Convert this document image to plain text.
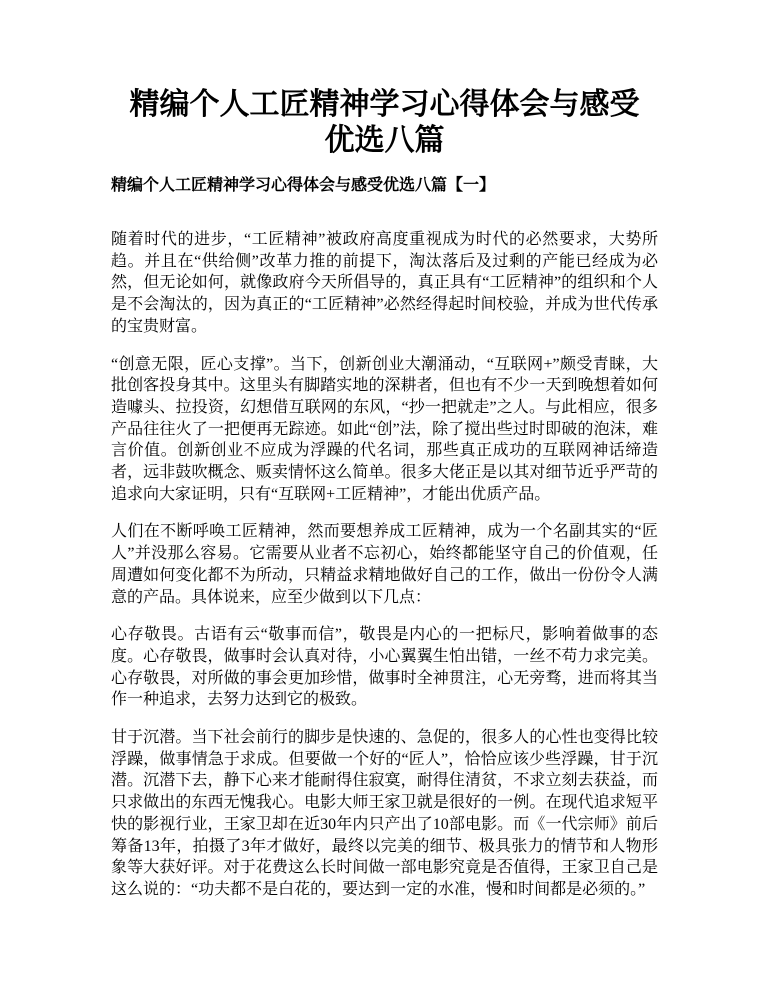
精编个人工匠精神学习心得体会与感受优选八篇
精编个人工匠精神学习心得体会与感受优选八篇【一】

随着时代的进步，“工匠精神”被政府高度重视成为时代的必然要求，大势所趋。并且在“供给侧”改革力推的前提下，淘汰落后及过剩的产能已经成为必然，但无论如何，就像政府今天所倡导的，真正具有“工匠精神”的组织和个人是不会淘汰的，因为真正的“工匠精神”必然经得起时间校验，并成为世代传承的宝贵财富。

“创意无限，匠心支撑”。当下，创新创业大潮涌动，“互联网+”颇受青睐，大批创客投身其中。这里头有脚踏实地的深耕者，但也有不少一天到晚想着如何造噱头、拉投资，幻想借互联网的东风，“抄一把就走”之人。与此相应，很多产品往往火了一把便再无踪迹。如此“创”法，除了搅出些过时即破的泡沫，难言价值。创新创业不应成为浮躁的代名词，那些真正成功的互联网神话缔造者，远非鼓吹概念、贩卖情怀这么简单。很多大佬正是以其对细节近乎严苛的追求向大家证明，只有“互联网+工匠精神”，才能出优质产品。

人们在不断呼唤工匠精神，然而要想养成工匠精神，成为一个名副其实的“匠人”并没那么容易。它需要从业者不忘初心，始终都能坚守自己的价值观，任周遭如何变化都不为所动，只精益求精地做好自己的工作，做出一份份令人满意的产品。具体说来，应至少做到以下几点：

心存敬畏。古语有云“敬事而信”，敬畏是内心的一把标尺，影响着做事的态度。心存敬畏，做事时会认真对待，小心翼翼生怕出错，一丝不苟力求完美。心存敬畏，对所做的事会更加珍惜，做事时全神贯注，心无旁骛，进而将其当作一种追求，去努力达到它的极致。

甘于沉潜。当下社会前行的脚步是快速的、急促的，很多人的心性也变得比较浮躁，做事情急于求成。但要做一个好的“匠人”，恰恰应该少些浮躁，甘于沉潜。沉潜下去，静下心来才能耐得住寂寞，耐得住清贫，不求立刻去获益，而只求做出的东西无愧我心。电影大师王家卫就是很好的一例。在现代追求短平快的影视行业，王家卫却在近30年内只产出了10部电影。而《一代宗师》前后筹备13年，拍摄了3年才做好，最终以完美的细节、极具张力的情节和人物形象等大获好评。对于花费这么长时间做一部电影究竟是否值得，王家卫自己是这么说的：“功夫都不是白花的，要达到一定的水准，慢和时间都是必须的。”
